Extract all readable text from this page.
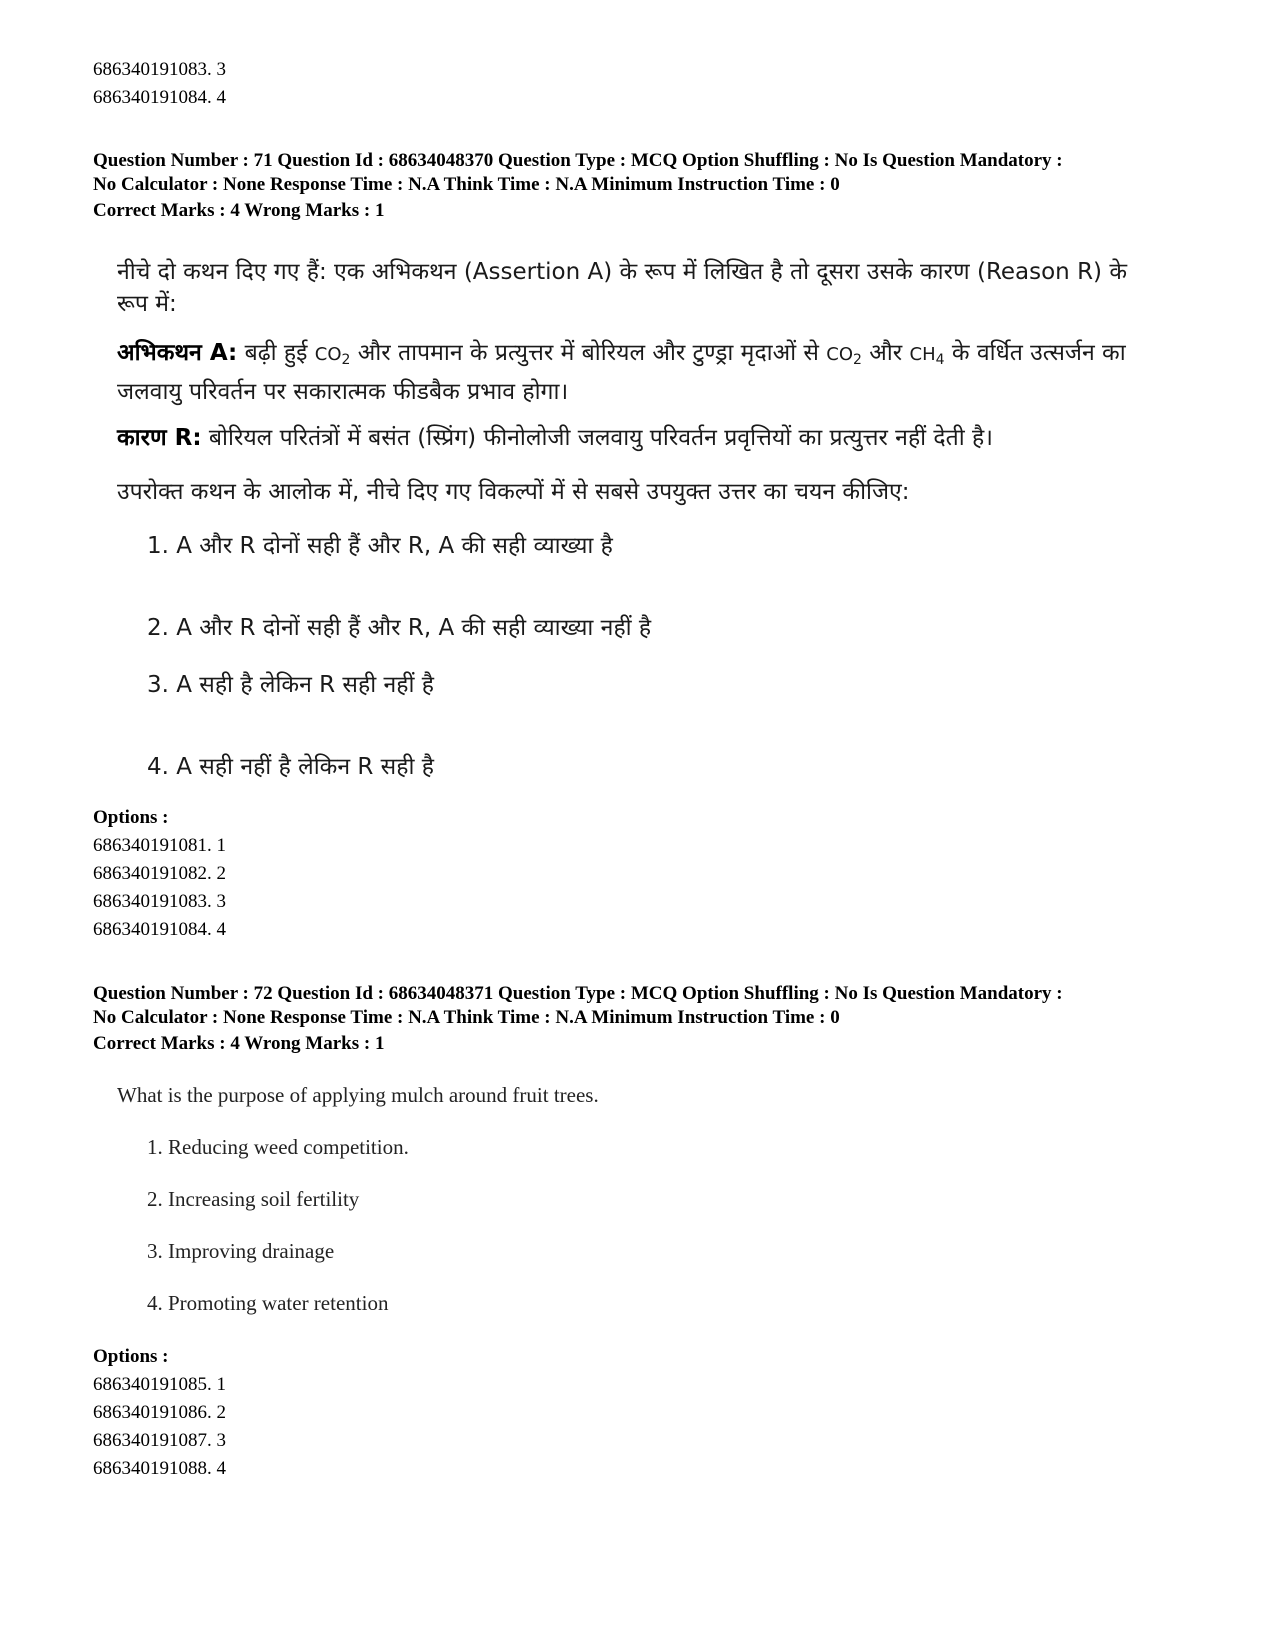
686340191083. 3
686340191084. 4
Question Number : 71 Question Id : 68634048370 Question Type : MCQ Option Shuffling : No Is Question Mandatory :
No Calculator : None Response Time : N.A Think Time : N.A Minimum Instruction Time : 0
Correct Marks : 4 Wrong Marks : 1
नीचे दो कथन दिए गए हैं: एक अभिकथन (Assertion A) के रूप में लिखित है तो दूसरा उसके कारण (Reason R) के रूप में:
अभिकथन A: बढ़ी हुई $CO_2$ और तापमान के प्रत्युत्तर में बोरियल और टुण्ड्रा मृदाओं से $CO_2$ और $CH_4$ के वर्धित उत्सर्जन का जलवायु परिवर्तन पर सकारात्मक फीडबैक प्रभाव होगा।
कारण R: बोरियल परितंत्रों में बसंत (स्प्रिंग) फीनोलोजी जलवायु परिवर्तन प्रवृत्तियों का प्रत्युत्तर नहीं देती है।
उपरोक्त कथन के आलोक में, नीचे दिए गए विकल्पों में से सबसे उपयुक्त उत्तर का चयन कीजिए:
1. A और R दोनों सही हैं और R, A की सही व्याख्या है
2. A और R दोनों सही हैं और R, A की सही व्याख्या नहीं है
3. A सही है लेकिन R सही नहीं है
4. A सही नहीं है लेकिन R सही है
Options :
686340191081. 1
686340191082. 2
686340191083. 3
686340191084. 4
Question Number : 72 Question Id : 68634048371 Question Type : MCQ Option Shuffling : No Is Question Mandatory :
No Calculator : None Response Time : N.A Think Time : N.A Minimum Instruction Time : 0
Correct Marks : 4 Wrong Marks : 1
What is the purpose of applying mulch around fruit trees.
1. Reducing weed competition.
2. Increasing soil fertility
3. Improving drainage
4. Promoting water retention
Options :
686340191085. 1
686340191086. 2
686340191087. 3
686340191088. 4
